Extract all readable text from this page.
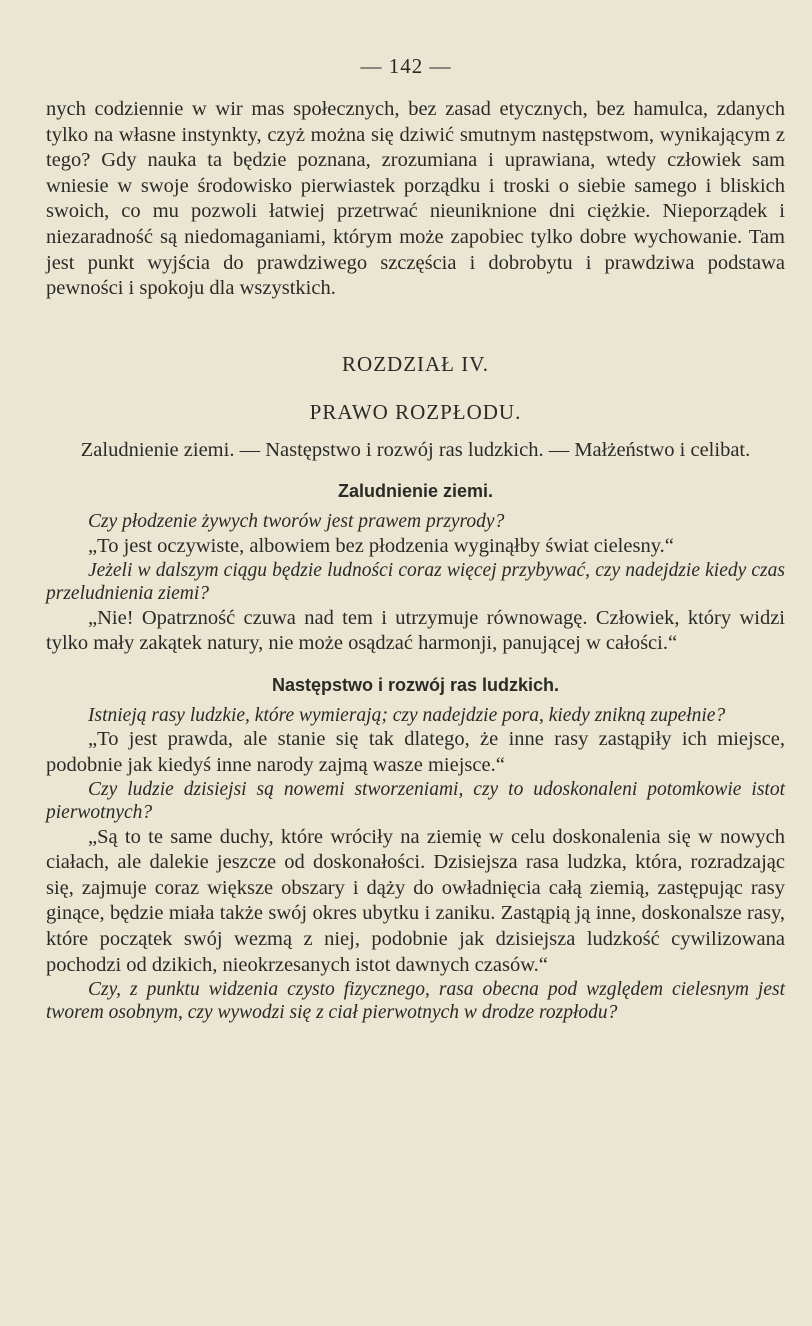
— 142 —

nych codziennie w wir mas społecznych, bez zasad etycznych, bez hamulca, zdanych tylko na własne instynkty, czyż można się dziwić smutnym następstwom, wynikającym z tego? Gdy nauka ta będzie poznana, zrozumiana i uprawiana, wtedy człowiek sam wniesie w swoje środowisko pierwiastek porządku i troski o siebie samego i bliskich swoich, co mu pozwoli łatwiej przetrwać nieuniknione dni ciężkie. Nieporządek i niezaradność są niedomaganiami, którym może zapobiec tylko dobre wychowanie. Tam jest punkt wyjścia do prawdziwego szczęścia i dobrobytu i prawdziwa podstawa pewności i spokoju dla wszystkich.

ROZDZIAŁ IV.
PRAWO ROZPŁODU.

Zaludnienie ziemi. — Następstwo i rozwój ras ludzkich. — Małżeństwo i celibat.

Zaludnienie ziemi.

Czy płodzenie żywych tworów jest prawem przyrody?

„To jest oczywiste, albowiem bez płodzenia wyginąłby świat cielesny.“

Jeżeli w dalszym ciągu będzie ludności coraz więcej przybywać, czy nadejdzie kiedy czas przeludnienia ziemi?

„Nie! Opatrzność czuwa nad tem i utrzymuje równowagę. Człowiek, który widzi tylko mały zakątek natury, nie może osądzać harmonji, panującej w całości.“

Następstwo i rozwój ras ludzkich.

Istnieją rasy ludzkie, które wymierają; czy nadejdzie pora, kiedy znikną zupełnie?

„To jest prawda, ale stanie się tak dlatego, że inne rasy zastąpiły ich miejsce, podobnie jak kiedyś inne narody zajmą wasze miejsce.“

Czy ludzie dzisiejsi są nowemi stworzeniami, czy to udoskonaleni potomkowie istot pierwotnych?

„Są to te same duchy, które wróciły na ziemię w celu doskonalenia się w nowych ciałach, ale dalekie jeszcze od doskonałości. Dzisiejsza rasa ludzka, która, rozradzając się, zajmuje coraz większe obszary i dąży do owładnięcia całą ziemią, zastępując rasy ginące, będzie miała także swój okres ubytku i zaniku. Zastąpią ją inne, doskonalsze rasy, które początek swój wezmą z niej, podobnie jak dzisiejsza ludzkość cywilizowana pochodzi od dzikich, nieokrzesanych istot dawnych czasów.“

Czy, z punktu widzenia czysto fizycznego, rasa obecna pod względem cielesnym jest tworem osobnym, czy wywodzi się z ciał pierwotnych w drodze rozpłodu?
